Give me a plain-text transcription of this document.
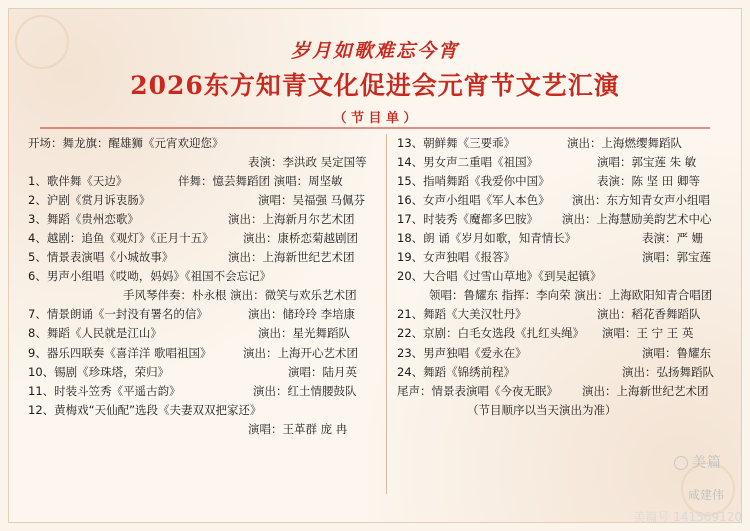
岁月如歌难忘今宵
2026东方知青文化促进会元宵节文艺汇演
（ 节 目 单 ）
开场：舞龙旗：醒雄狮《元宵欢迎您》
表演：李洪政 吴定国等
1、歌伴舞《天边》	伴舞：憶芸舞蹈团 演唱：周坚敏
2、沪剧《赏月诉衷肠》	演唱：吴福强 马佩芬
3、舞蹈《贵州恋歌》	演出：上海新月尔艺术团
4、越剧：追鱼《观灯》《正月十五》	演出：康桥恋菊越剧团
5、情景表演唱《小城故事》	演出：上海新世纪艺术团
6、男声小组唱《哎呦，妈妈》《祖国不会忘记》
手风琴伴奏：朴永根 演出：微笑与欢乐艺术团
7、情景朗诵《一封没有署名的信》	演出：储玲玲 李培康
8、舞蹈《人民就是江山》	演出：星光舞蹈队
9、器乐四联奏《喜洋洋 歌唱祖国》	演出：上海开心艺术团
10、锡剧《珍珠塔，荣归》	演唱：陆月英
11、时装斗笠秀《平遥古韵》	演出：红土情腰鼓队
12、黄梅戏“天仙配”选段《夫妻双双把家还》
演唱：王革群 庞 冉
13、朝鲜舞《三要乖》	演出：上海燃缨舞蹈队
14、男女声二重唱《祖国》	演唱：郭宝莲 朱 敏
15、指哨舞蹈《我爱你中国》	表演：陈 坚 田 卿等
16、女声小组唱《军人本色》 演出：东方知青女声小组唱
17、时装秀《魔都多巴胺》 演出：上海慧励美韵艺术中心
18、朗 诵《岁月如歌，知青情长》	表演：严 姗
19、女声独唱《报答》	演唱：郭宝莲
20、大合唱《过雪山草地》《到吴起镇》
领唱：鲁耀东 指挥：李向荣 演出：上海欧阳知青合唱团
21、舞蹈《大美汉牡丹》	演出：稻花香舞蹈队
22、京剧：白毛女选段《扎红头绳》 演唱：王 宁 王 英
23、男声独唱《爱永在》	演唱：鲁耀东
24、舞蹈《锦绣前程》	演出：弘扬舞蹈队
尾声：情景表演唱《今夜无眠》 演出：上海新世纪艺术团
（节目顺序以当天演出为准）
美篇
咸建伟
美篇号 141569120
